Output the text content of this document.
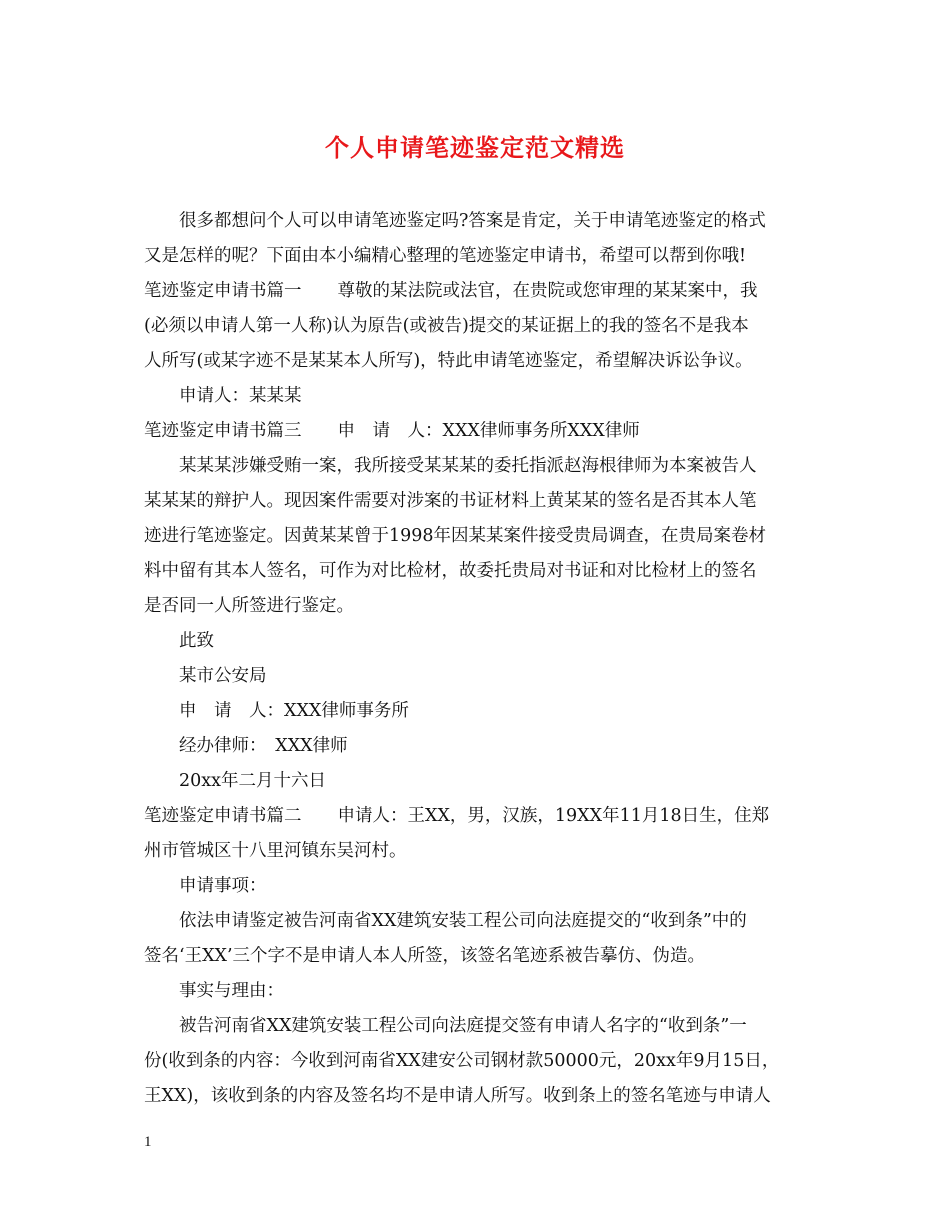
个人申请笔迹鉴定范文精选

很多都想问个人可以申请笔迹鉴定吗?答案是肯定，关于申请笔迹鉴定的格式

又是怎样的呢？下面由本小编精心整理的笔迹鉴定申请书，希望可以帮到你哦!

笔迹鉴定申请书篇一 尊敬的某法院或法官，在贵院或您审理的某某案中，我

(必须以申请人第一人称)认为原告(或被告)提交的某证据上的我的签名不是我本

人所写(或某字迹不是某某本人所写)，特此申请笔迹鉴定，希望解决诉讼争议。

申请人：某某某

笔迹鉴定申请书篇三 申　请　人：XXX律师事务所XXX律师

某某某涉嫌受贿一案，我所接受某某某的委托指派赵海根律师为本案被告人

某某某的辩护人。现因案件需要对涉案的书证材料上黄某某的签名是否其本人笔

迹进行笔迹鉴定。因黄某某曾于1998年因某某案件接受贵局调查，在贵局案卷材

料中留有其本人签名，可作为对比检材，故委托贵局对书证和对比检材上的签名

是否同一人所签进行鉴定。

此致

某市公安局

申　请　人：XXX律师事务所

经办律师：　XXX律师

20xx年二月十六日

笔迹鉴定申请书篇二 申请人：王XX，男，汉族，19XX年11月18日生，住郑

州市管城区十八里河镇东吴河村。

申请事项：

依法申请鉴定被告河南省XX建筑安装工程公司向法庭提交的“收到条”中的

签名‘王XX’三个字不是申请人本人所签，该签名笔迹系被告摹仿、伪造。

事实与理由：

被告河南省XX建筑安装工程公司向法庭提交签有申请人名字的“收到条”一

份(收到条的内容：今收到河南省XX建安公司钢材款50000元，20xx年9月15日，

王XX)，该收到条的内容及签名均不是申请人所写。收到条上的签名笔迹与申请人

1
